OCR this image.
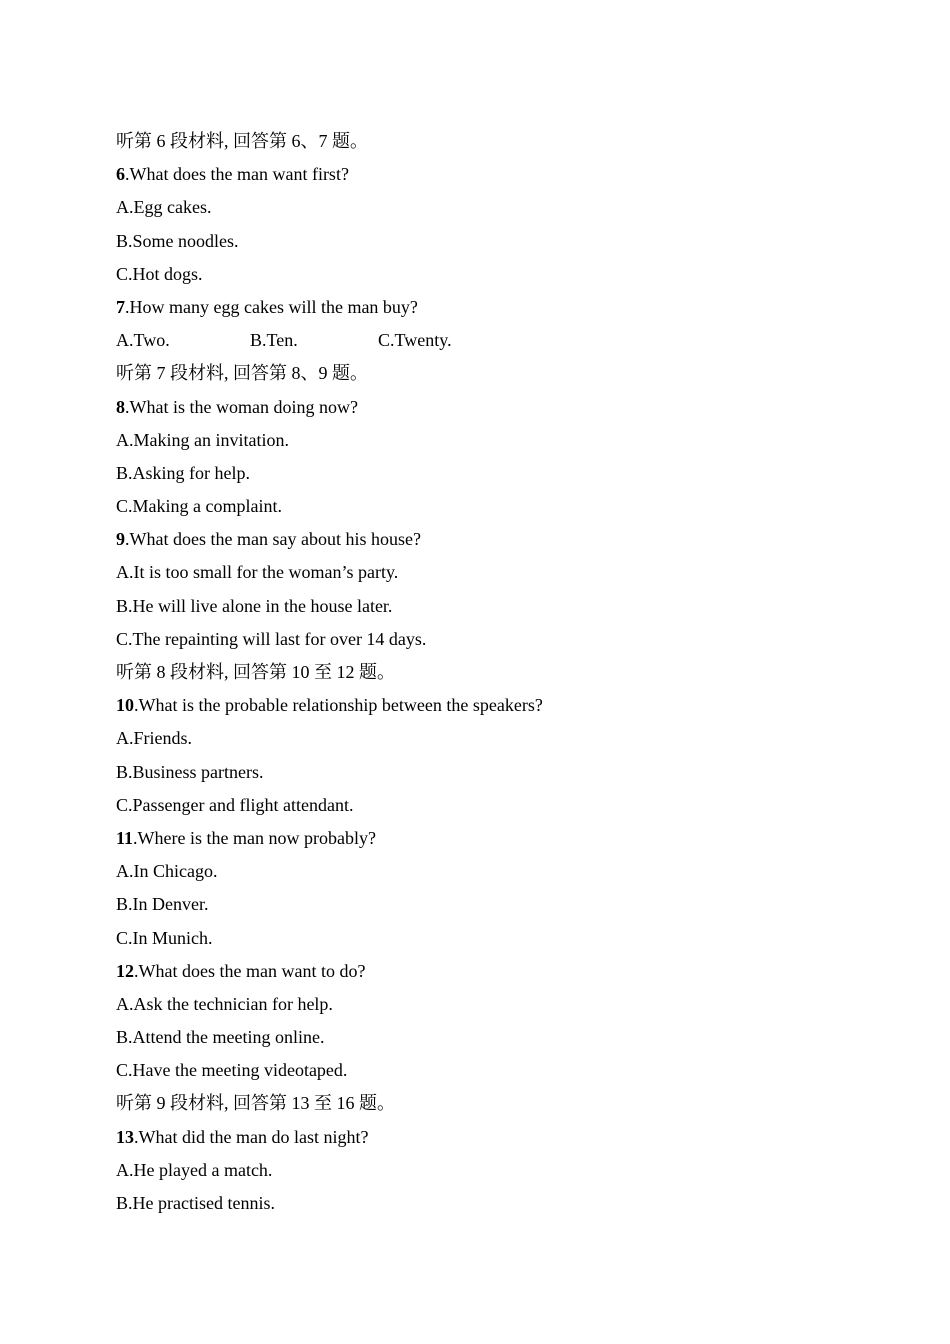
听第 6 段材料, 回答第 6、7 题。
6.What does the man want first?
A.Egg cakes.
B.Some noodles.
C.Hot dogs.
7.How many egg cakes will the man buy?
A.Two.	B.Ten.	C.Twenty.
听第 7 段材料, 回答第 8、9 题。
8.What is the woman doing now?
A.Making an invitation.
B.Asking for help.
C.Making a complaint.
9.What does the man say about his house?
A.It is too small for the woman’s party.
B.He will live alone in the house later.
C.The repainting will last for over 14 days.
听第 8 段材料, 回答第 10 至 12 题。
10.What is the probable relationship between the speakers?
A.Friends.
B.Business partners.
C.Passenger and flight attendant.
11.Where is the man now probably?
A.In Chicago.
B.In Denver.
C.In Munich.
12.What does the man want to do?
A.Ask the technician for help.
B.Attend the meeting online.
C.Have the meeting videotaped.
听第 9 段材料, 回答第 13 至 16 题。
13.What did the man do last night?
A.He played a match.
B.He practised tennis.
